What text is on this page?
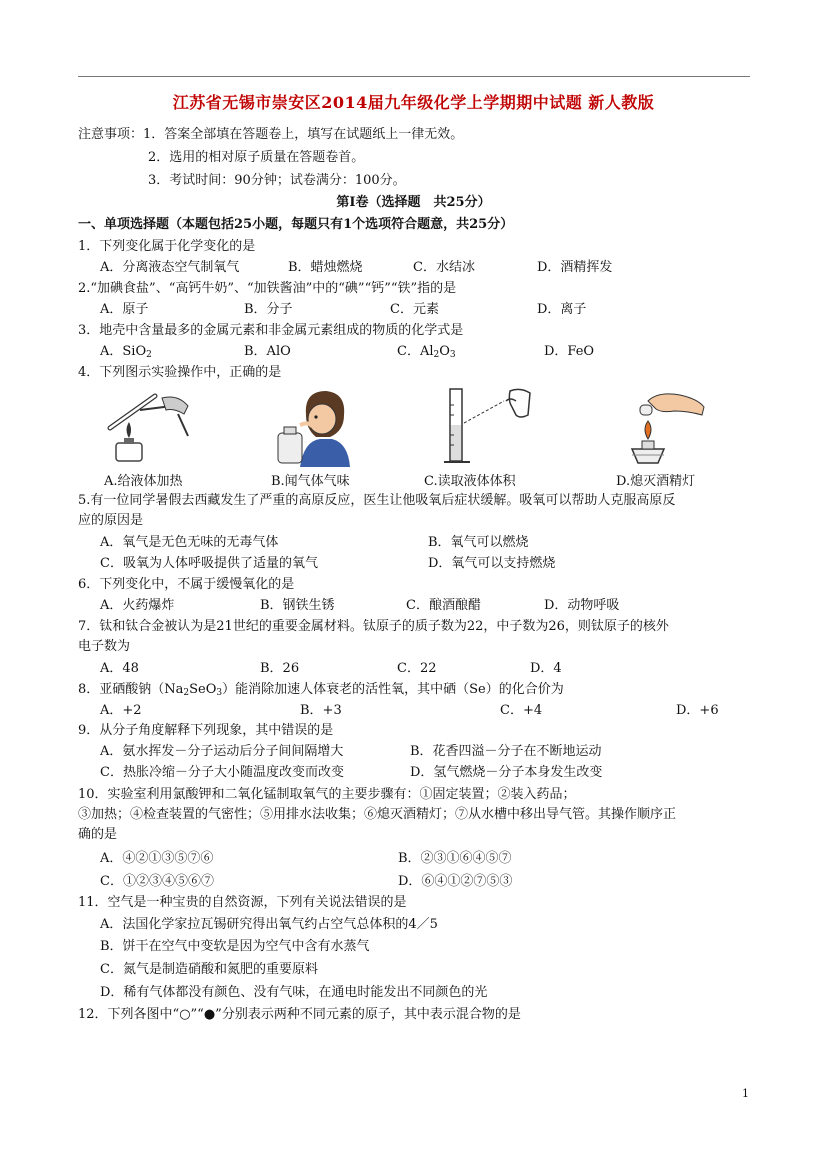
江苏省无锡市崇安区2014届九年级化学上学期期中试题 新人教版
注意事项：1．答案全部填在答题卷上，填写在试题纸上一律无效。
2．选用的相对原子质量在答题卷首。
3．考试时间：90分钟；试卷满分：100分。
第Ⅰ卷（选择题　共25分）
一、单项选择题（本题包括25小题，每题只有1个选项符合题意，共25分）
1．下列变化属于化学变化的是
A．分离液态空气制氧气	B．蜡烛燃烧	C．水结冰	D．酒精挥发
2.“加碘食盐”、“高钙牛奶”、“加铁酱油”中的“碘”“钙”“铁”指的是
A．原子	B．分子	C．元素	D．离子
3．地壳中含量最多的金属元素和非金属元素组成的物质的化学式是
A．SiO$_2$	B．AlO	C．$Al_2O_3$	D．FeO
4．下列图示实验操作中，正确的是
A.给液体加热	B.闻气体气味	C.读取液体体积	D.熄灭酒精灯
5.有一位同学暑假去西藏发生了严重的高原反应，医生让他吸氧后症状缓解。吸氧可以帮助人克服高原反
应的原因是
A．氧气是无色无味的无毒气体	B．氧气可以燃烧
C．吸氧为人体呼吸提供了适量的氧气	D．氧气可以支持燃烧
6．下列变化中，不属于缓慢氧化的是
A．火药爆炸	B．钢铁生锈	C．酿酒酿醋	D．动物呼吸
7．钛和钛合金被认为是21世纪的重要金属材料。钛原子的质子数为22，中子数为26，则钛原子的核外
电子数为
A．48	B．26	C．22	D．4
8．亚硒酸钠$(Na_2SeO_3)$能消除加速人体衰老的活性氧，其中硒（Se）的化合价为
A．+2	B．+3	C．+4	D．+6
9．从分子角度解释下列现象，其中错误的是
A．氨水挥发－分子运动后分子间间隔增大	B．花香四溢－分子在不断地运动
C．热胀冷缩－分子大小随温度改变而改变	D．氢气燃烧－分子本身发生改变
10．实验室利用氯酸钾和二氧化锰制取氧气的主要步骤有：①固定装置；②装入药品；
③加热；④检查装置的气密性；⑤用排水法收集；⑥熄灭酒精灯；⑦从水槽中移出导气管。其操作顺序正
确的是
A．④②①③⑤⑦⑥	B．②③①⑥④⑤⑦
C．①②③④⑤⑥⑦	D．⑥④①②⑦⑤③
11．空气是一种宝贵的自然资源，下列有关说法错误的是
A．法国化学家拉瓦锡研究得出氧气约占空气总体积的4／5
B．饼干在空气中变软是因为空气中含有水蒸气
C．氮气是制造硝酸和氮肥的重要原料
D．稀有气体都没有颜色、没有气味，在通电时能发出不同颜色的光
12．下列各图中“○”“●”分别表示两种不同元素的原子，其中表示混合物的是
1
